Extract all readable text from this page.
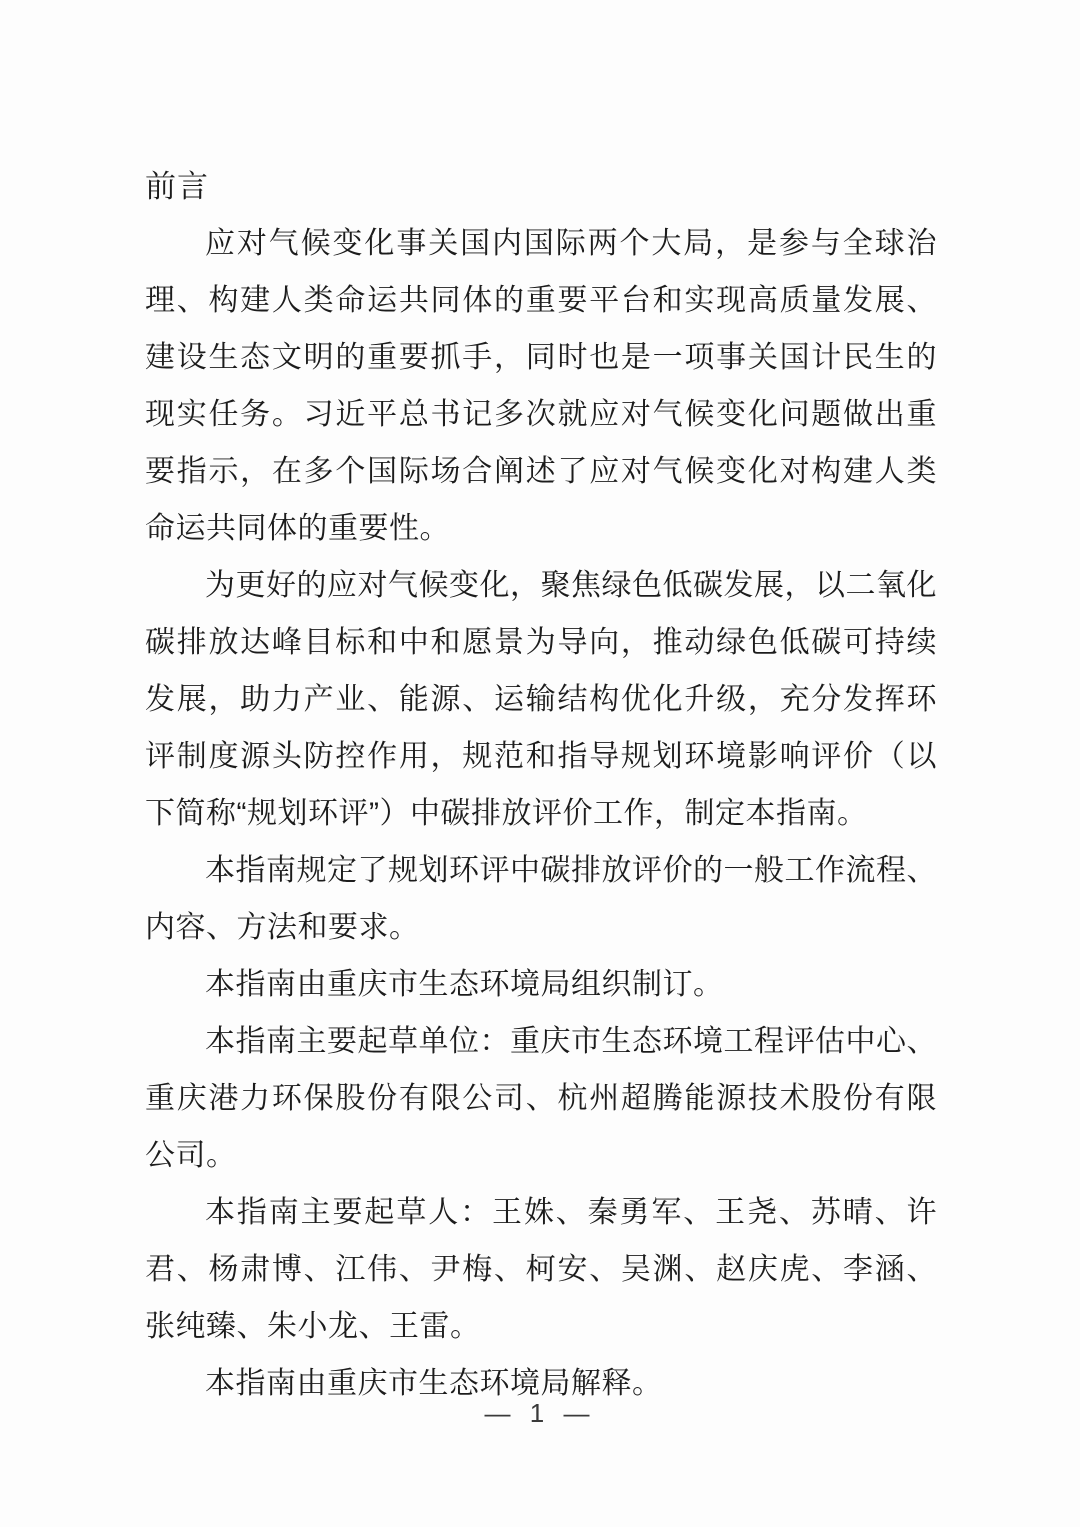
前言

应对气候变化事关国内国际两个大局，是参与全球治理、构建人类命运共同体的重要平台和实现高质量发展、建设生态文明的重要抓手，同时也是一项事关国计民生的现实任务。习近平总书记多次就应对气候变化问题做出重要指示，在多个国际场合阐述了应对气候变化对构建人类命运共同体的重要性。

为更好的应对气候变化，聚焦绿色低碳发展，以二氧化碳排放达峰目标和中和愿景为导向，推动绿色低碳可持续发展，助力产业、能源、运输结构优化升级，充分发挥环评制度源头防控作用，规范和指导规划环境影响评价（以下简称“规划环评”）中碳排放评价工作，制定本指南。

本指南规定了规划环评中碳排放评价的一般工作流程、内容、方法和要求。

本指南由重庆市生态环境局组织制订。

本指南主要起草单位：重庆市生态环境工程评估中心、重庆港力环保股份有限公司、杭州超腾能源技术股份有限公司。

本指南主要起草人：王姝、秦勇军、王尧、苏晴、许君、杨肃博、江伟、尹梅、柯安、吴渊、赵庆虎、李涵、张纯臻、朱小龙、王雷。

本指南由重庆市生态环境局解释。

— 1 —
